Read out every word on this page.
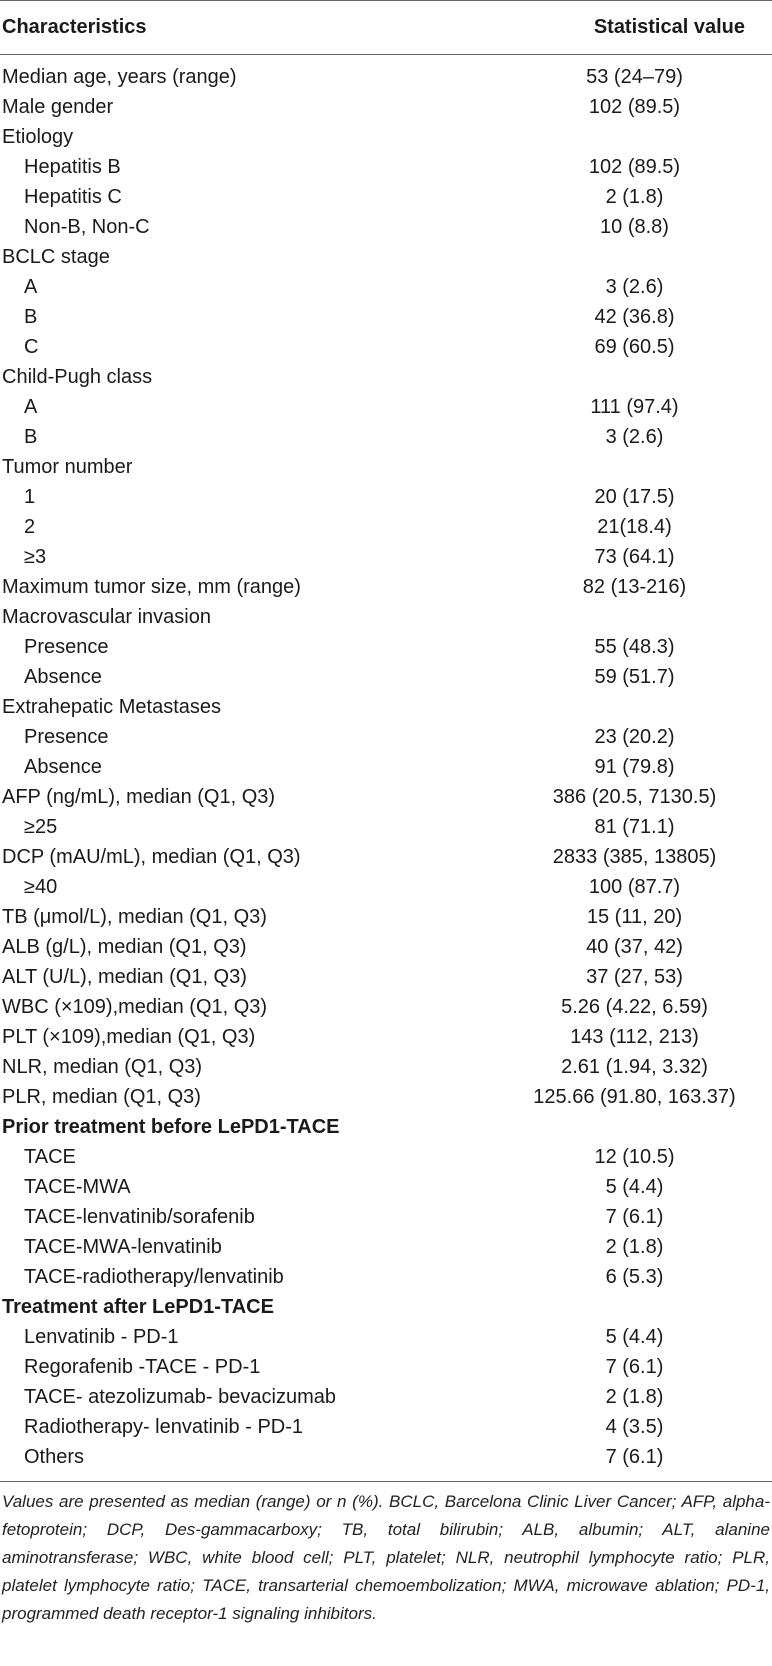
Characteristics	Statistical value
Median age, years (range)	53 (24–79)
Male gender	102 (89.5)
Etiology	
Hepatitis B	102 (89.5)
Hepatitis C	2 (1.8)
Non-B, Non-C	10 (8.8)
BCLC stage	
A	3 (2.6)
B	42 (36.8)
C	69 (60.5)
Child-Pugh class	
A	111 (97.4)
B	3 (2.6)
Tumor number	
1	20 (17.5)
2	21(18.4)
≥3	73 (64.1)
Maximum tumor size, mm (range)	82 (13-216)
Macrovascular invasion	
Presence	55 (48.3)
Absence	59 (51.7)
Extrahepatic Metastases	
Presence	23 (20.2)
Absence	91 (79.8)
AFP (ng/mL), median (Q1, Q3)	386 (20.5, 7130.5)
≥25	81 (71.1)
DCP (mAU/mL), median (Q1, Q3)	2833 (385, 13805)
≥40	100 (87.7)
TB (μmol/L), median (Q1, Q3)	15 (11, 20)
ALB (g/L), median (Q1, Q3)	40 (37, 42)
ALT (U/L), median (Q1, Q3)	37 (27, 53)
WBC (×109),median (Q1, Q3)	5.26 (4.22, 6.59)
PLT (×109),median (Q1, Q3)	143 (112, 213)
NLR, median (Q1, Q3)	2.61 (1.94, 3.32)
PLR, median (Q1, Q3)	125.66 (91.80, 163.37)
Prior treatment before LePD1-TACE	
TACE	12 (10.5)
TACE-MWA	5 (4.4)
TACE-lenvatinib/sorafenib	7 (6.1)
TACE-MWA-lenvatinib	2 (1.8)
TACE-radiotherapy/lenvatinib	6 (5.3)
Treatment after LePD1-TACE	
Lenvatinib - PD-1	5 (4.4)
Regorafenib -TACE - PD-1	7 (6.1)
TACE- atezolizumab- bevacizumab	2 (1.8)
Radiotherapy- lenvatinib - PD-1	4 (3.5)
Others	7 (6.1)
Values are presented as median (range) or n (%). BCLC, Barcelona Clinic Liver Cancer; AFP, alpha-fetoprotein; DCP, Des-gammacarboxy; TB, total bilirubin; ALB, albumin; ALT, alanine aminotransferase; WBC, white blood cell; PLT, platelet; NLR, neutrophil lymphocyte ratio; PLR, platelet lymphocyte ratio; TACE, transarterial chemoembolization; MWA, microwave ablation; PD-1, programmed death receptor-1 signaling inhibitors.
